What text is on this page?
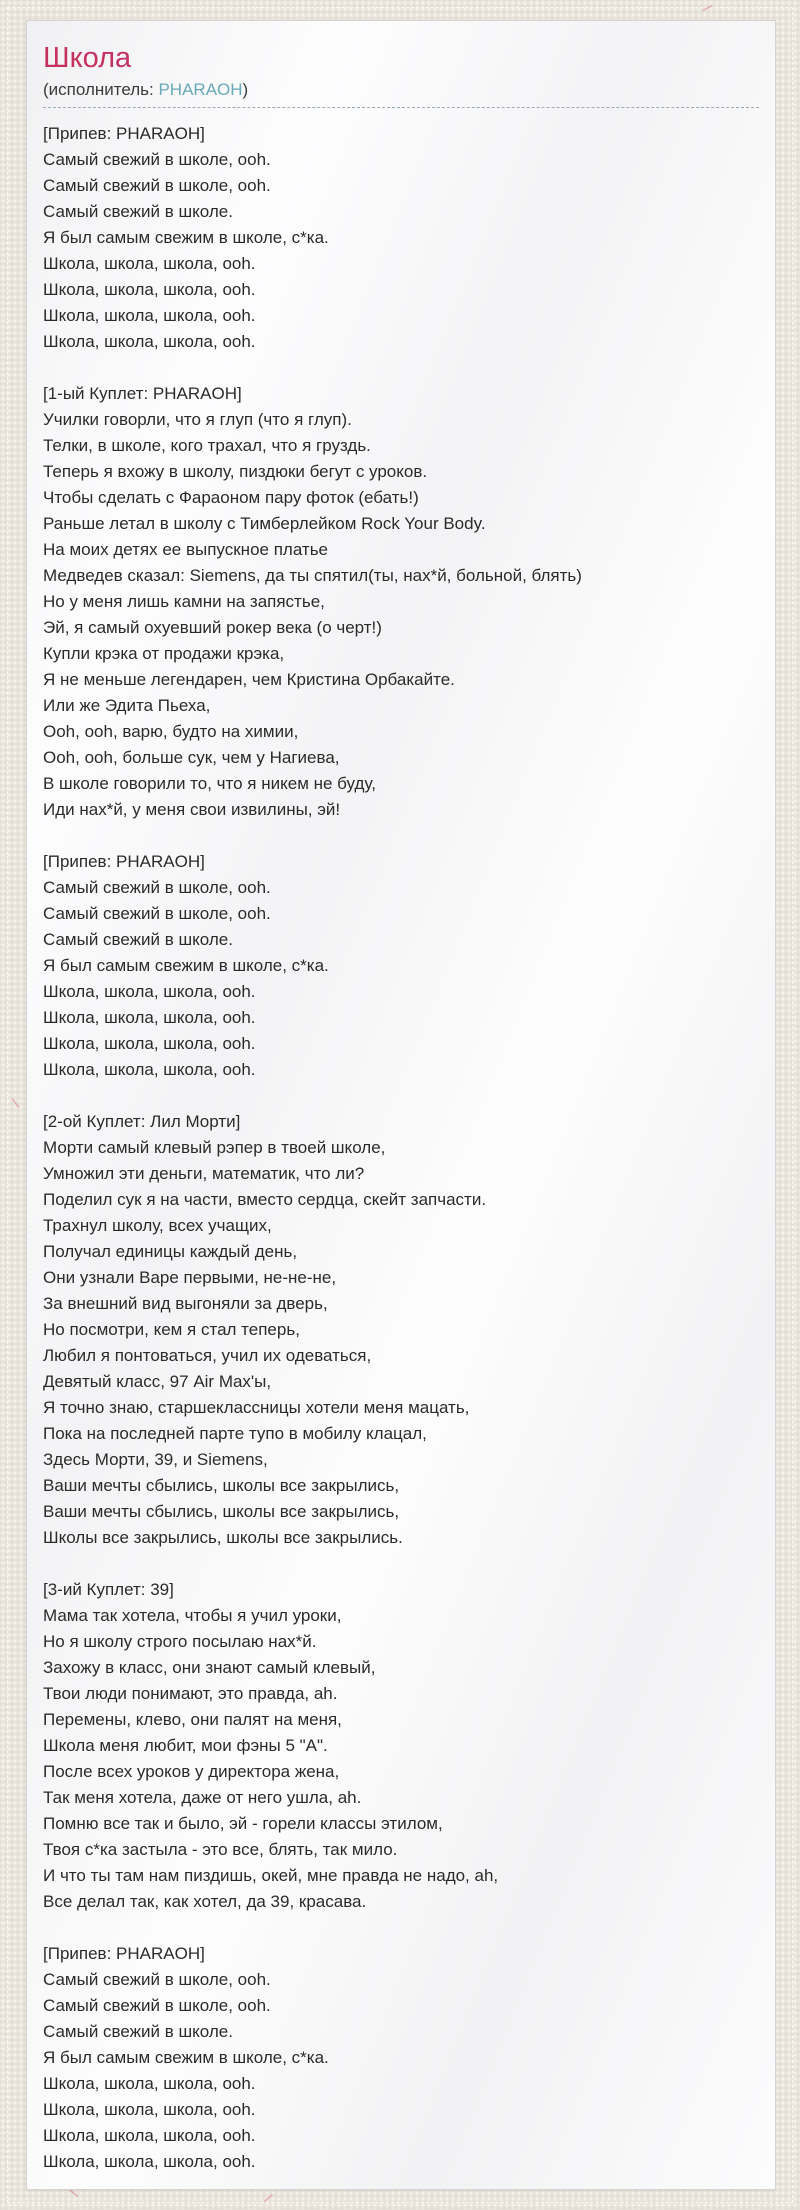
Школа
(исполнитель: PHARAOH)
[Припев: PHARAOH]
Самый свежий в школе, ooh.
Самый свежий в школе, ooh.
Самый свежий в школе.
Я был самым свежим в школе, с*ка.
Школа, школа, школа, ooh.
Школа, школа, школа, ooh.
Школа, школа, школа, ooh.
Школа, школа, школа, ooh.
[1-ый Куплет: PHARAOH]
Училки говорли, что я глуп (что я глуп).
Телки, в школе, кого трахал, что я груздь.
Теперь я вхожу в школу, пиздюки бегут с уроков.
Чтобы сделать с Фараоном пару фоток (ебать!)
Раньше летал в школу с Тимберлейком Rock Your Body.
На моих детях ее выпускное платье
Медведев сказал: Siemens, да ты спятил(ты, нах*й, больной, блять)
Но у меня лишь камни на запястье,
Эй, я самый охуевший рокер века (о черт!)
Купли крэка от продажи крэка,
Я не меньше легендарен, чем Кристина Орбакайте.
Или же Эдита Пьеха,
Ooh, ooh, варю, будто на химии,
Ooh, ooh, больше сук, чем у Нагиева,
В школе говорили то, что я никем не буду,
Иди нах*й, у меня свои извилины, эй!
[Припев: PHARAOH]
Самый свежий в школе, ooh.
Самый свежий в школе, ooh.
Самый свежий в школе.
Я был самым свежим в школе, с*ка.
Школа, школа, школа, ooh.
Школа, школа, школа, ooh.
Школа, школа, школа, ooh.
Школа, школа, школа, ooh.
[2-ой Куплет: Лил Морти]
Морти самый клевый рэпер в твоей школе,
Умножил эти деньги, математик, что ли?
Поделил сук я на части, вместо сердца, скейт запчасти.
Трахнул школу, всех учащих,
Получал единицы каждый день,
Они узнали Варе первыми, не-не-не,
За внешний вид выгоняли за дверь,
Но посмотри, кем я стал теперь,
Любил я понтоваться, учил их одеваться,
Девятый класс, 97 Air Max'ы,
Я точно знаю, старшеклассницы хотели меня мацать,
Пока на последней парте тупо в мобилу клацал,
Здесь Морти, 39, и Siemens,
Ваши мечты сбылись, школы все закрылись,
Ваши мечты сбылись, школы все закрылись,
Школы все закрылись, школы все закрылись.
[3-ий Куплет: 39]
Мама так хотела, чтобы я учил уроки,
Но я школу строго посылаю нах*й.
Захожу в класс, они знают самый клевый,
Твои люди понимают, это правда, ah.
Перемены, клево, они палят на меня,
Школа меня любит, мои фэны 5 "А".
После всех уроков у директора жена,
Так меня хотела, даже от него ушла, ah.
Помню все так и было, эй - горели классы этилом,
Твоя с*ка застыла - это все, блять, так мило.
И что ты там нам пиздишь, окей, мне правда не надо, ah,
Все делал так, как хотел, да 39, красава.
[Припев: PHARAOH]
Самый свежий в школе, ooh.
Самый свежий в школе, ooh.
Самый свежий в школе.
Я был самым свежим в школе, с*ка.
Школа, школа, школа, ooh.
Школа, школа, школа, ooh.
Школа, школа, школа, ooh.
Школа, школа, школа, ooh.
